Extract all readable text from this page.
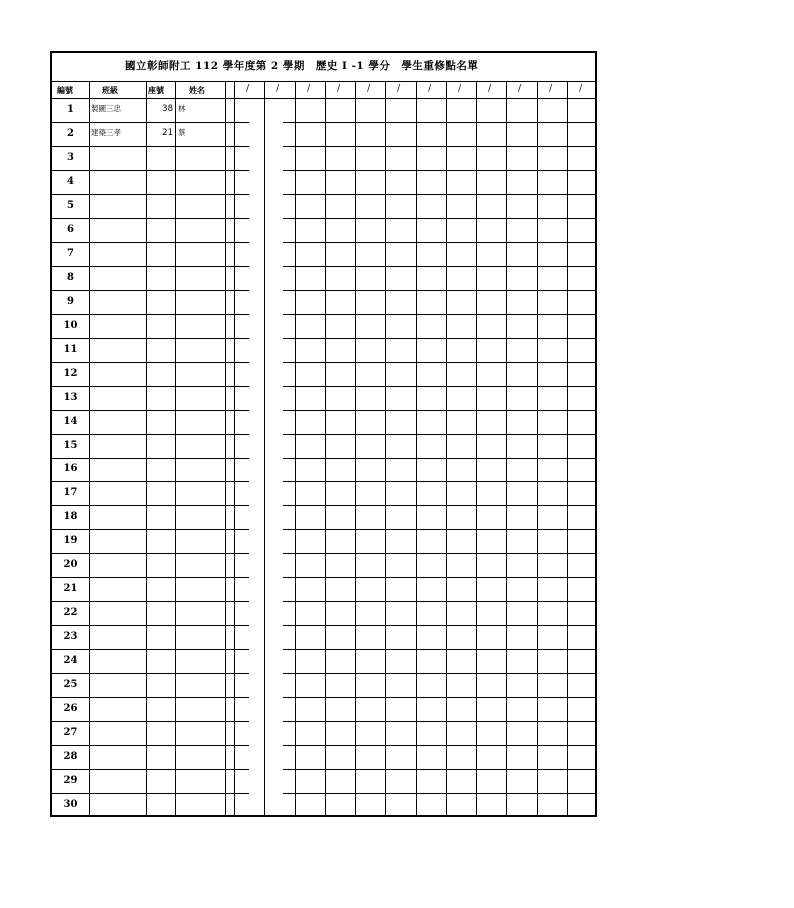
國立彰師附工 112 學年度第 2 學期　歷史 I -1 學分　學生重修點名單
編號	班級	座號	姓名	/	/	/	/	/	/	/	/	/	/	/	/
1	製圖三忠	38 林
2	建築三孝	21 蔡
3
4
5
6
7
8
9
10
11
12
13
14
15
16
17
18
19
20
21
22
23
24
25
26
27
28
29
30
